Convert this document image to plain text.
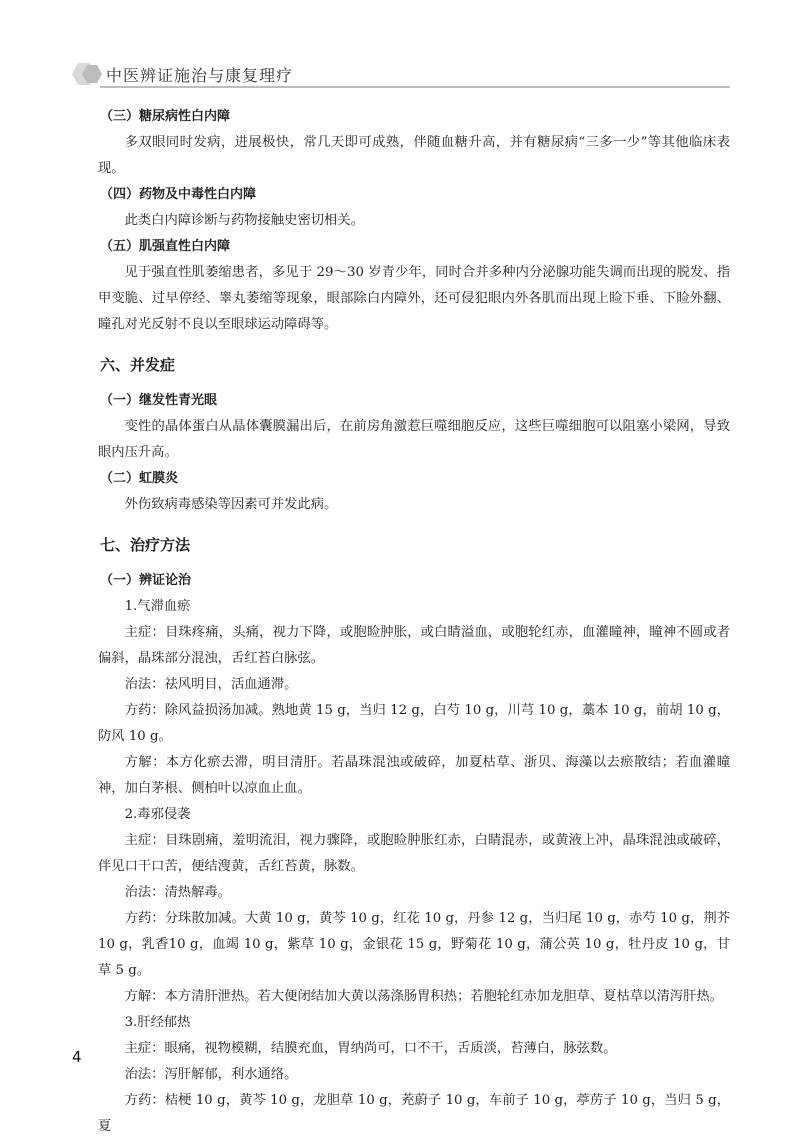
中医辨证施治与康复理疗
（三）糖尿病性白内障
多双眼同时发病，进展极快，常几天即可成熟，伴随血糖升高，并有糖尿病“三多一少”等其他临床表现。
（四）药物及中毒性白内障
此类白内障诊断与药物接触史密切相关。
（五）肌强直性白内障
见于强直性肌萎缩患者，多见于 29～30 岁青少年，同时合并多种内分泌腺功能失调而出现的脱发、指甲变脆、过早停经、睾丸萎缩等现象，眼部除白内障外，还可侵犯眼内外各肌而出现上睑下垂、下睑外翻、瞳孔对光反射不良以至眼球运动障碍等。
六、并发症
（一）继发性青光眼
变性的晶体蛋白从晶体囊膜漏出后，在前房角激惹巨噬细胞反应，这些巨噬细胞可以阻塞小梁网，导致眼内压升高。
（二）虹膜炎
外伤致病毒感染等因素可并发此病。
七、治疗方法
（一）辨证论治
1.气滞血瘀
主症：目珠疼痛，头痛，视力下降，或胞睑肿胀，或白睛溢血，或胞轮红赤，血灌瞳神，瞳神不圆或者偏斜，晶珠部分混浊，舌红苔白脉弦。
治法：祛风明目，活血通滞。
方药：除风益损汤加减。熟地黄 15 g，当归 12 g，白芍 10 g，川芎 10 g，藁本 10 g，前胡 10 g，防风 10 g。
方解：本方化瘀去滞，明目清肝。若晶珠混浊或破碎，加夏枯草、浙贝、海藻以去瘀散结；若血灌瞳神，加白茅根、侧柏叶以凉血止血。
2.毒邪侵袭
主症：目珠剧痛，羞明流泪，视力骤降，或胞睑肿胀红赤，白睛混赤，或黄液上冲，晶珠混浊或破碎，伴见口干口苦，便结溲黄，舌红苔黄，脉数。
治法：清热解毒。
方药：分珠散加减。大黄 10 g，黄芩 10 g，红花 10 g，丹参 12 g，当归尾 10 g，赤芍 10 g，荆芥 10 g，乳香10 g，血竭 10 g，紫草 10 g，金银花 15 g，野菊花 10 g，蒲公英 10 g，牡丹皮 10 g，甘草 5 g。
方解：本方清肝泄热。若大便闭结加大黄以荡涤肠胃积热；若胞轮红赤加龙胆草、夏枯草以清泻肝热。
3.肝经郁热
主症：眼痛，视物模糊，结膜充血，胃纳尚可，口不干，舌质淡，苔薄白，脉弦数。
治法：泻肝解郁，利水通络。
方药：桔梗 10 g，黄芩 10 g，龙胆草 10 g，茺蔚子 10 g，车前子 10 g，葶苈子 10 g，当归 5 g，夏
4
